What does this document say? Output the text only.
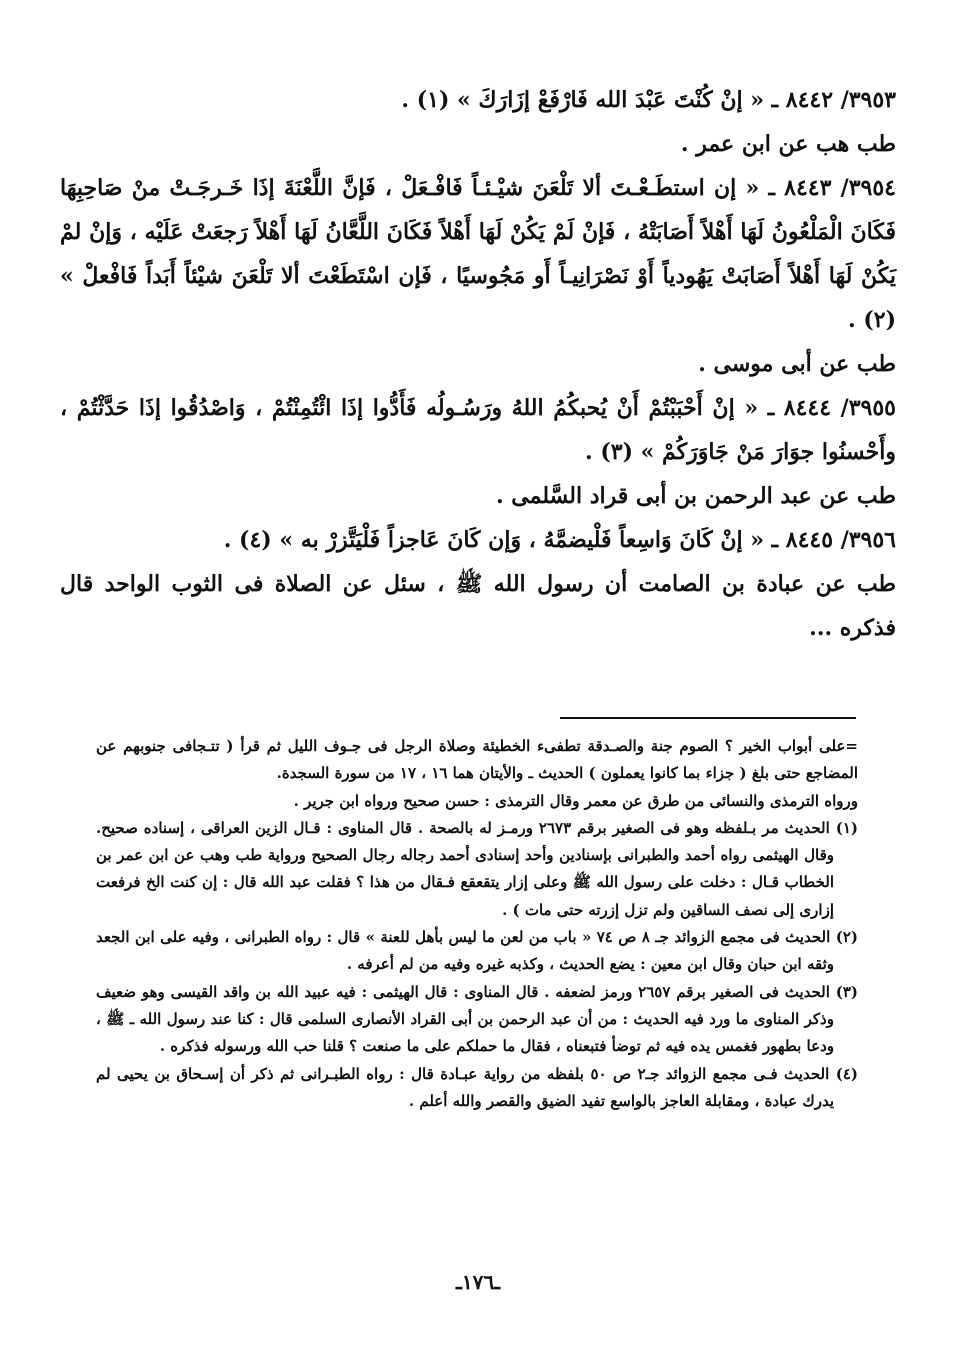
٣٩٥٣/ ٨٤٤٢ ـ « إنْ كُنْتَ عَبْدَ الله فَارْفَعْ إزَارَكَ » (١) .

طب هب عن ابن عمر .

٣٩٥٤/ ٨٤٤٣ ـ « إن استطَـعْـتَ ألا تَلْعَنَ شيْـئـاً فَافْـعَلْ ، فَإنَّ اللَّعْنَةَ إذَا خَـرجَـتْ منْ صَاحِبِهَا فَكَانَ الْمَلْعُونُ لَهَا أَهْلاً أَصَابَتْهُ ، فَإنْ لَمْ يَكُنْ لَهَا أَهْلاً فَكَانَ اللَّعَّانُ لَهَا أَهْلاً رَجعَتْ عَلَيْه ، وَإنْ لمْ يَكُنْ لَهَا أَهْلاً أَصَابَتْ يَهُودياً أَوْ نَصْرَانِيـاً أَو مَجُوسيًا ، فَإن اسْتَطَعْتَ ألا تَلْعَنَ شيْئاً أَبَداً فَافْعلْ » (٢) .

طب عن أبى موسى .

٣٩٥٥/ ٨٤٤٤ ـ « إنْ أَحْبَبْتُمْ أَنْ يُحبكُمُ اللهُ ورَسُـولُه فَأَدُّوا إذَا ائْتُمِنْتُمْ ، وَاصْدُقُوا إذَا حَدَّثْتُمْ ، وأَحْسنُوا جوَارَ مَنْ جَاوَرَكُمْ » (٣) .

طب عن عبد الرحمن بن أبى قراد السَّلمى .

٣٩٥٦/ ٨٤٤٥ ـ « إنْ كَانَ وَاسِعاً فَلْيضمَّهُ ، وَإن كَانَ عَاجزاً فَلْيَتَّزرْ به » (٤) .

طب عن عبادة بن الصامت أن رسول الله ﷺ ، سئل عن الصلاة فى الثوب الواحد قال فذكره ...

=على أبواب الخير ؟ الصوم جنة والصـدقة تطفىء الخطيئة وصلاة الرجل فى جـوف الليل ثم قرأ ( تتـجافى جنوبهم عن المضاجع حتى بلغ ( جزاء بما كانوا يعملون ) الحديث ـ والأيتان هما ١٦ ، ١٧ من سورة السجدة.

ورواه الترمذى والنسائى من طرق عن معمر وقال الترمذى : حسن صحيح ورواه ابن جرير .

(١) الحديث مر بـلفظه وهو فى الصغير برقم ٢٦٧٣ ورمـز له بالصحة . قال المناوى : قـال الزين العراقى ، إسناده صحيح. وقال الهيثمى رواه أحمد والطبرانى بإسنادين وأحد إسنادى أحمد رجاله رجال الصحيح ورواية طب وهب عن ابن عمر بن الخطاب قـال : دخلت على رسول الله ﷺ وعلى إزار يتقعقع فـقال من هذا ؟ فقلت عبد الله قال : إن كنت الخ فرفعت إزارى إلى نصف الساقين ولم تزل إزرته حتى مات ) .

(٢) الحديث فى مجمع الزوائد جـ ٨ ص ٧٤ « باب من لعن ما ليس بأهل للعنة » قال : رواه الطبرانى ، وفيه على ابن الجعد وثقه ابن حبان وقال ابن معين : يضع الحديث ، وكذبه غيره وفيه من لم أعرفه .

(٣) الحديث فى الصغير برقم ٢٦٥٧ ورمز لضعفه . قال المناوى : قال الهيثمى : فيه عبيد الله بن واقد القيسى وهو ضعيف وذكر المناوى ما ورد فيه الحديث : من أن عبد الرحمن بن أبى القراد الأنصارى السلمى قال : كنا عند رسول الله ـ ﷺ ، ودعا بطهور فغمس يده فيه ثم توضأ فتبعناه ، فقال ما حملكم على ما صنعت ؟ قلنا حب الله ورسوله فذكره .

(٤) الحديث فـى مجمع الزوائد جـ٢ ص ٥٠ بلفظه من رواية عبـادة قال : رواه الطبـرانى ثم ذكر أن إسـحاق بن يحيى لم يدرك عبادة ، ومقابلة العاجز بالواسع تفيد الضيق والقصر والله أعلم .

ـ١٧٦ـ
